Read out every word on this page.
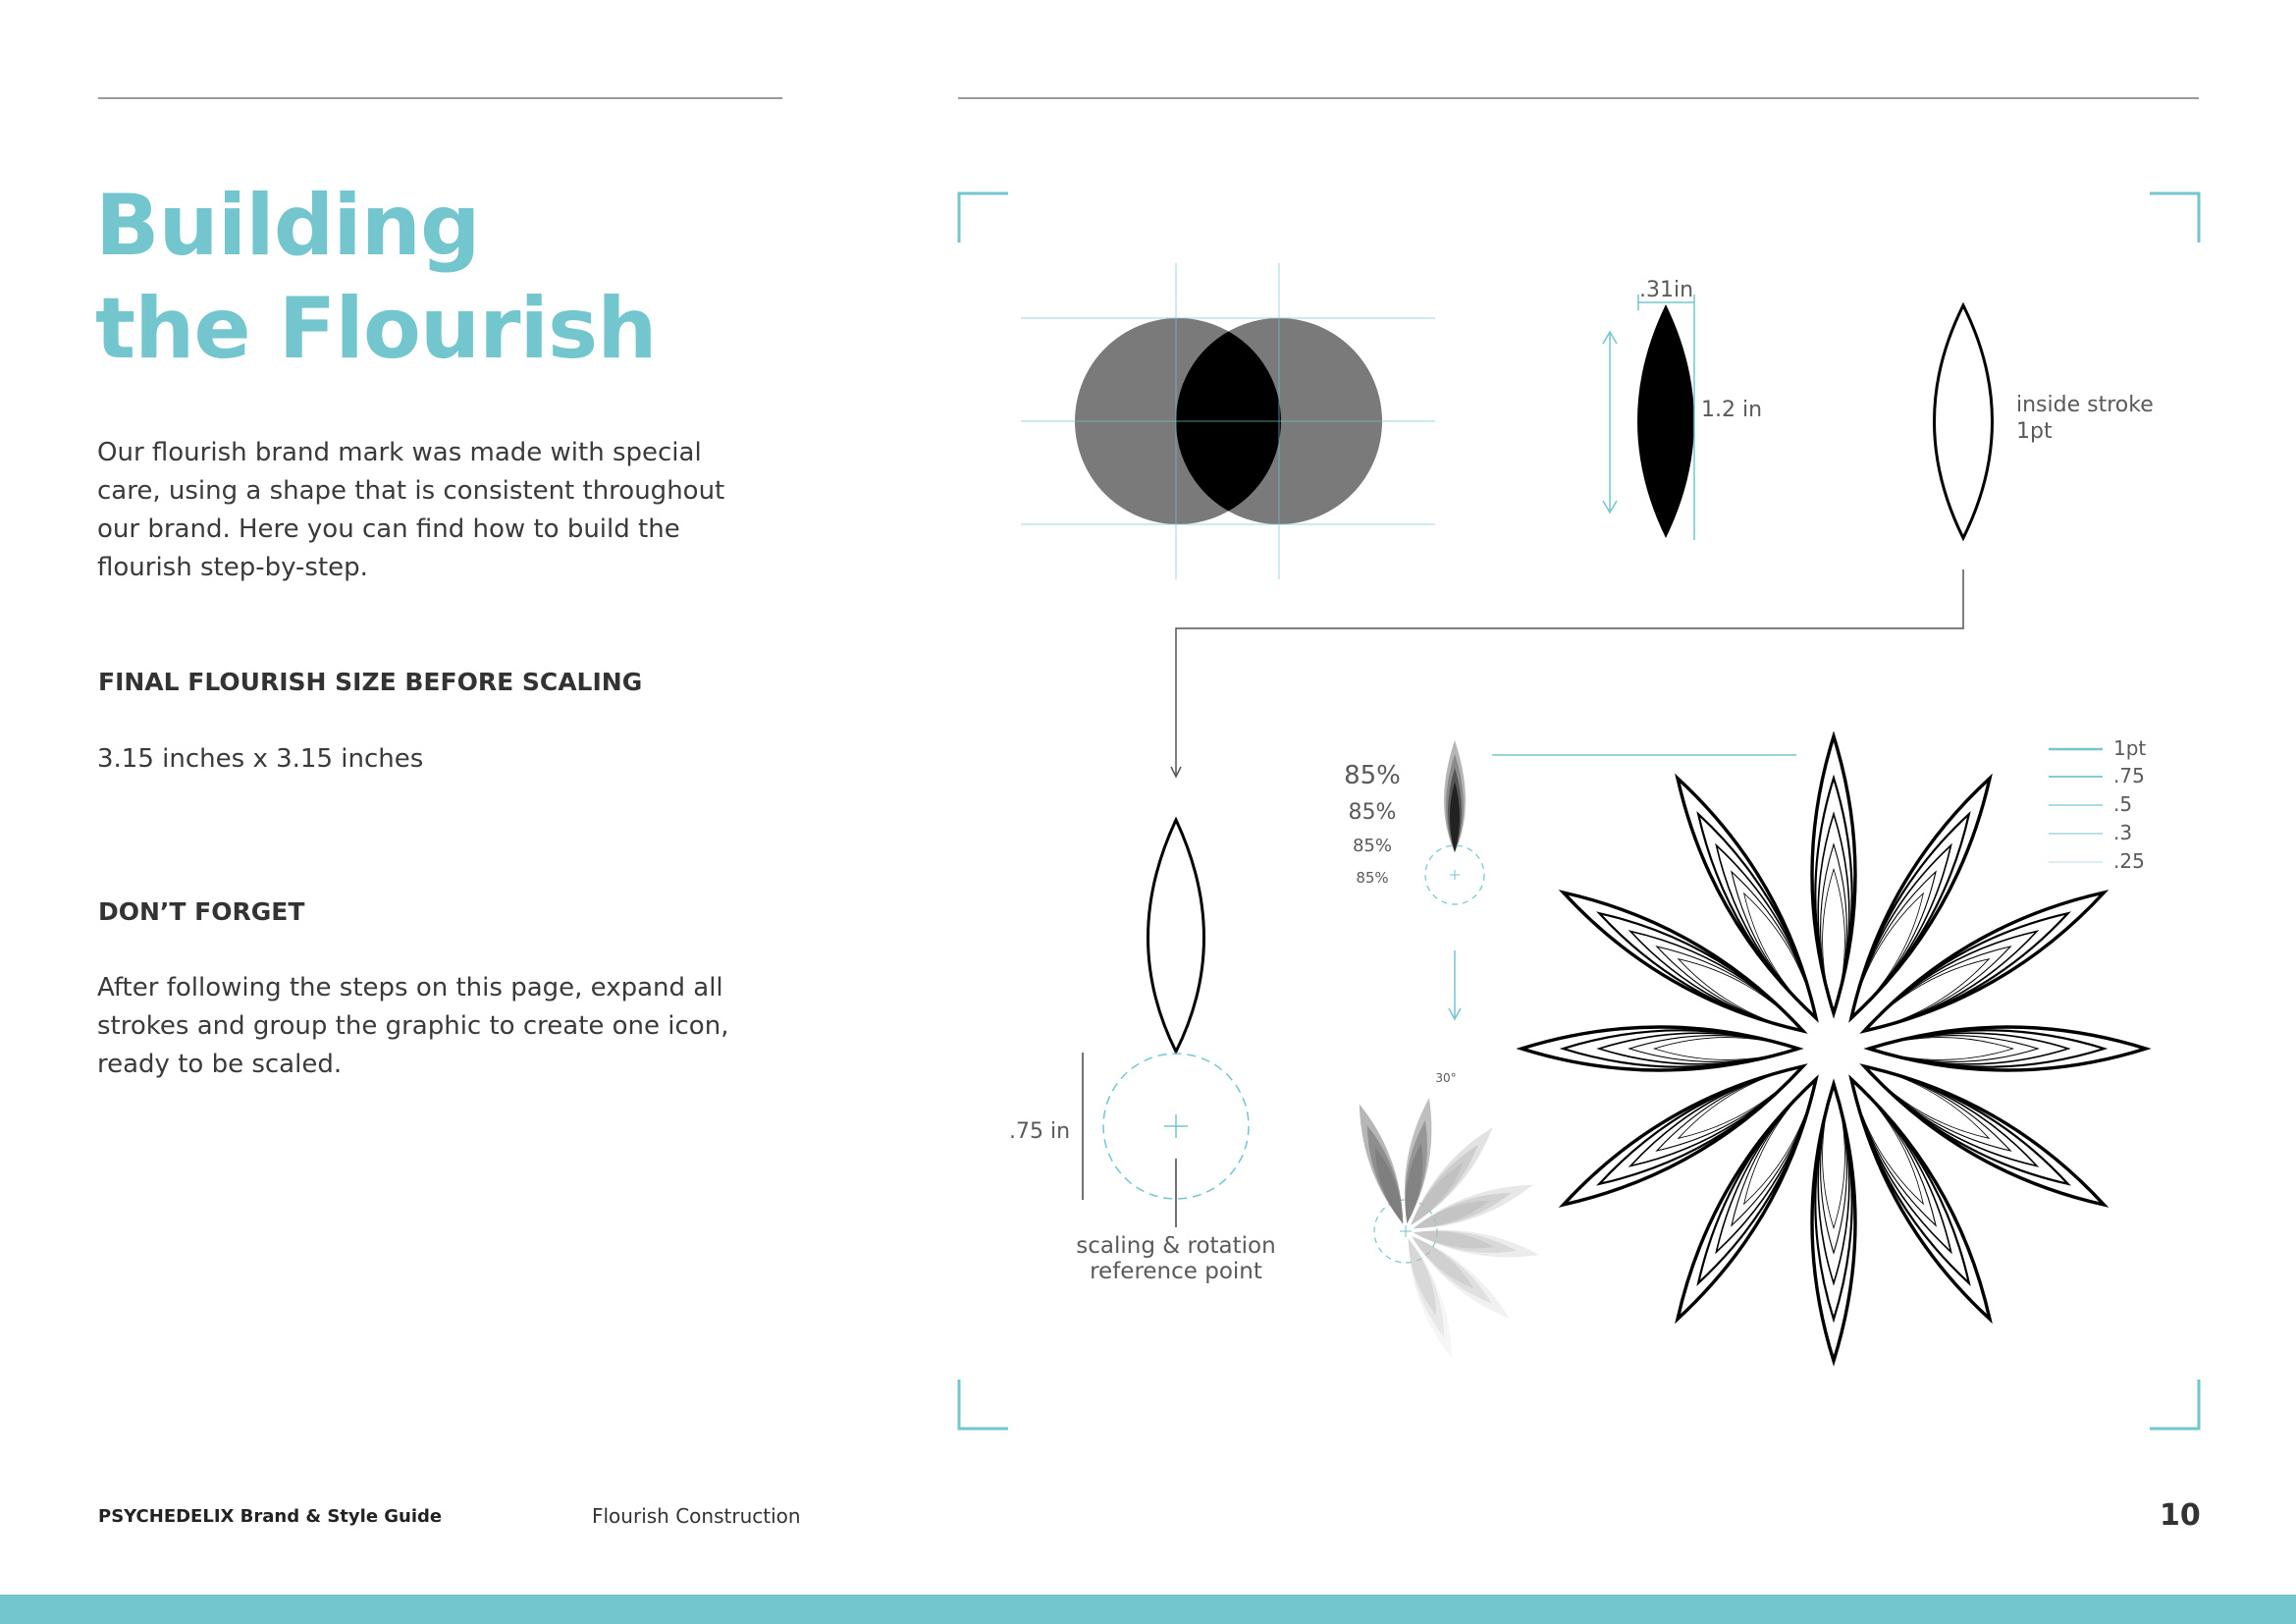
Building
the Flourish

Our flourish brand mark was made with special care, using a shape that is consistent throughout our brand. Here you can find how to build the flourish step-by-step.

FINAL FLOURISH SIZE BEFORE SCALING

3.15 inches x 3.15 inches

DON’T FORGET

After following the steps on this page, expand all strokes and group the graphic to create one icon, ready to be scaled.

.31in
1.2 in	inside stroke
1pt
.75 in
scaling & rotation
reference point
85%
85%
85%
85%
30°
1pt
.75
.5
.3
.25
PSYCHEDELIX Brand & Style Guide	Flourish Construction	10
